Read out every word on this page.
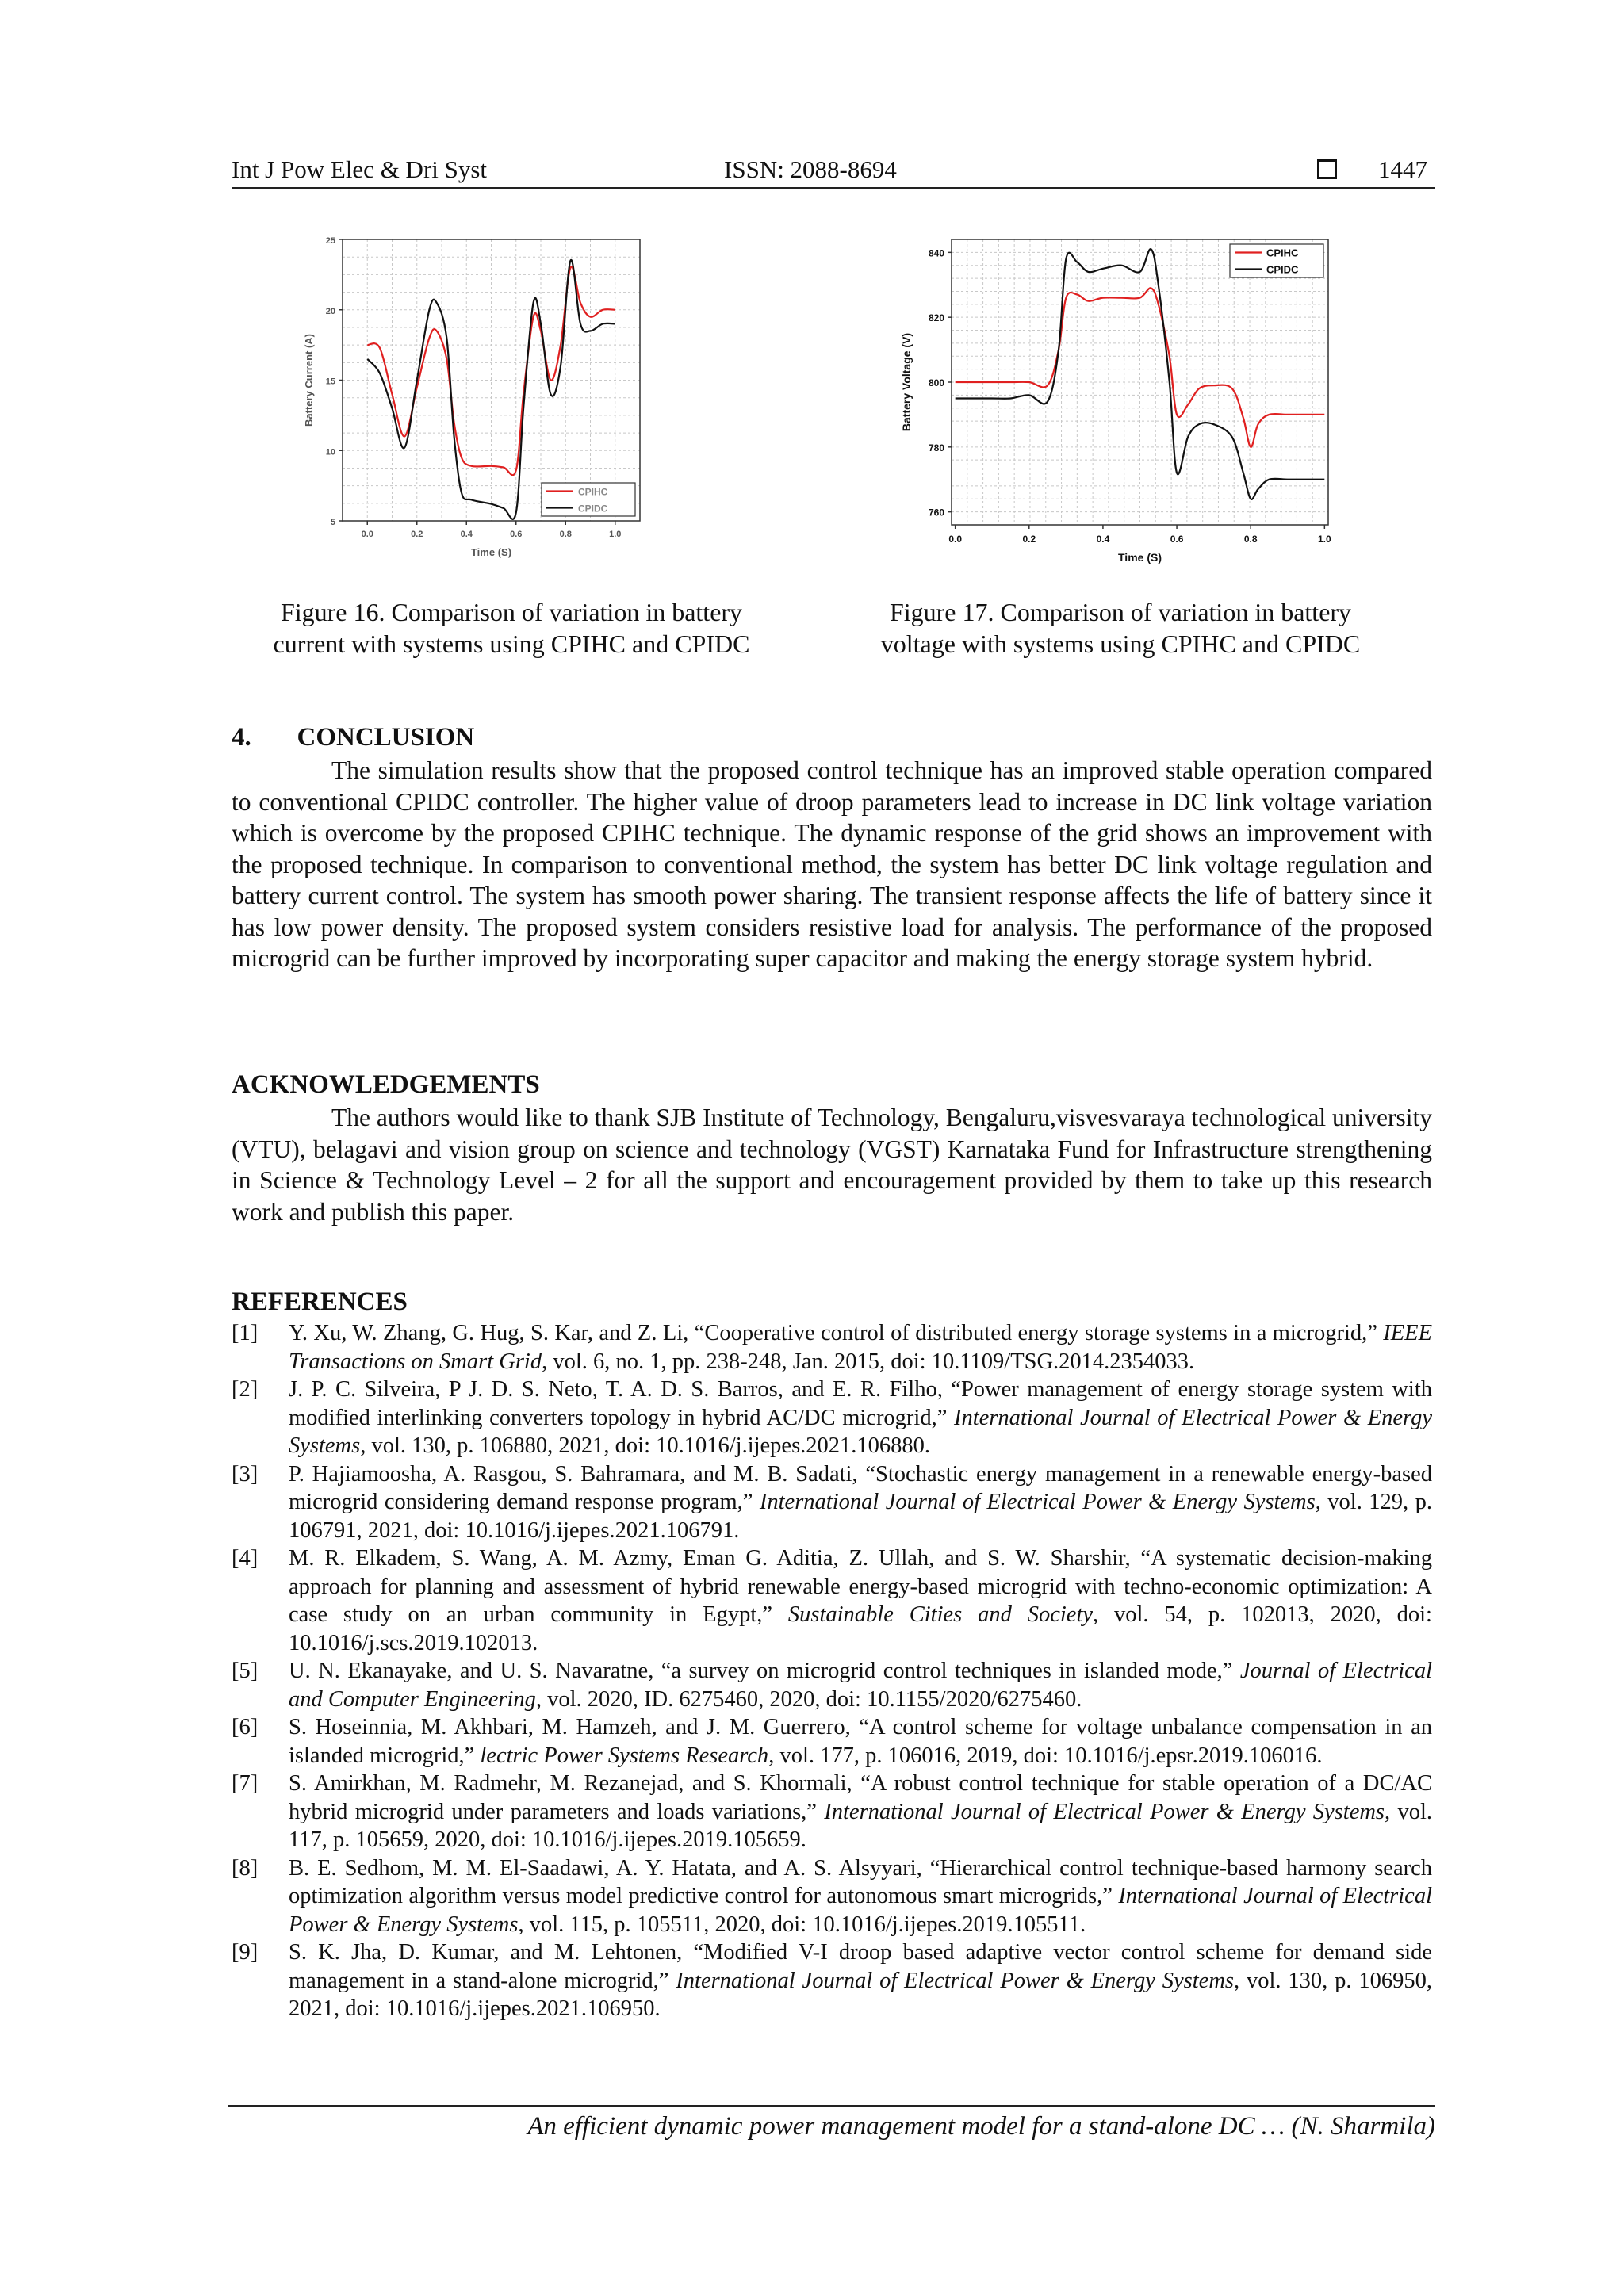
Int J Pow Elec & Dri Syst	ISSN: 2088-8694	1447
0.0	0.2	0.4	0.6	0.8	1.0
5
10
15
20
25
Time (S)
Battery Current (A)
CPIHC
CPIDC
0.0	0.2	0.4	0.6	0.8	1.0
760
780
800
820
840
Time (S)
Battery Voltage (V)
CPIHC
CPIDC
Figure 16. Comparison of variation in battery
current with systems using CPIHC and CPIDC
Figure 17. Comparison of variation in battery
voltage with systems using CPIHC and CPIDC
4.       CONCLUSION

The simulation results show that the proposed control technique has an improved stable operation compared to conventional CPIDC controller. The higher value of droop parameters lead to increase in DC link voltage variation which is overcome by the proposed CPIHC technique. The dynamic response of the grid shows an improvement with the proposed technique. In comparison to conventional method, the system has better DC link voltage regulation and battery current control. The system has smooth power sharing. The transient response affects the life of battery since it has low power density. The proposed system considers resistive load for analysis. The performance of the proposed microgrid can be further improved by incorporating super capacitor and making the energy storage system hybrid.

ACKNOWLEDGEMENTS

The authors would like to thank SJB Institute of Technology, Bengaluru,visvesvaraya technological university (VTU), belagavi and vision group on science and technology (VGST) Karnataka Fund for Infrastructure strengthening in Science & Technology Level – 2 for all the support and encouragement provided by them to take up this research work and publish this paper.

REFERENCES
[1] Y. Xu, W. Zhang, G. Hug, S. Kar, and Z. Li, “Cooperative control of distributed energy storage systems in a microgrid,” IEEE Transactions on Smart Grid, vol. 6, no. 1, pp. 238-248, Jan. 2015, doi: 10.1109/TSG.2014.2354033.
[2] J. P. C. Silveira, P J. D. S. Neto, T. A. D. S. Barros, and E. R. Filho, “Power management of energy storage system with modified interlinking converters topology in hybrid AC/DC microgrid,” International Journal of Electrical Power & Energy Systems, vol. 130, p. 106880, 2021, doi: 10.1016/j.ijepes.2021.106880.
[3] P. Hajiamoosha, A. Rasgou, S. Bahramara, and M. B. Sadati, “Stochastic energy management in a renewable energy-based microgrid considering demand response program,” International Journal of Electrical Power & Energy Systems, vol. 129, p. 106791, 2021, doi: 10.1016/j.ijepes.2021.106791.
[4] M. R. Elkadem, S. Wang, A. M. Azmy, Eman G. Aditia, Z. Ullah, and S. W. Sharshir, “A systematic decision-making approach for planning and assessment of hybrid renewable energy-based microgrid with techno-economic optimization: A case study on an urban community in Egypt,” Sustainable Cities and Society, vol. 54, p. 102013, 2020, doi: 10.1016/j.scs.2019.102013.
[5] U. N. Ekanayake, and U. S. Navaratne, “a survey on microgrid control techniques in islanded mode,” Journal of Electrical and Computer Engineering, vol. 2020, ID. 6275460, 2020, doi: 10.1155/2020/6275460.
[6] S. Hoseinnia, M. Akhbari, M. Hamzeh, and J. M. Guerrero, “A control scheme for voltage unbalance compensation in an islanded microgrid,” lectric Power Systems Research, vol. 177, p. 106016, 2019, doi: 10.1016/j.epsr.2019.106016.
[7] S. Amirkhan, M. Radmehr, M. Rezanejad, and S. Khormali, “A robust control technique for stable operation of a DC/AC hybrid microgrid under parameters and loads variations,” International Journal of Electrical Power & Energy Systems, vol. 117, p. 105659, 2020, doi: 10.1016/j.ijepes.2019.105659.
[8] B. E. Sedhom, M. M. El-Saadawi, A. Y. Hatata, and A. S. Alsyyari, “Hierarchical control technique-based harmony search optimization algorithm versus model predictive control for autonomous smart microgrids,” International Journal of Electrical Power & Energy Systems, vol. 115, p. 105511, 2020, doi: 10.1016/j.ijepes.2019.105511.
[9] S. K. Jha, D. Kumar, and M. Lehtonen, “Modified V-I droop based adaptive vector control scheme for demand side management in a stand-alone microgrid,” International Journal of Electrical Power & Energy Systems, vol. 130, p. 106950, 2021, doi: 10.1016/j.ijepes.2021.106950.
An efficient dynamic power management model for a stand-alone DC … (N. Sharmila)
